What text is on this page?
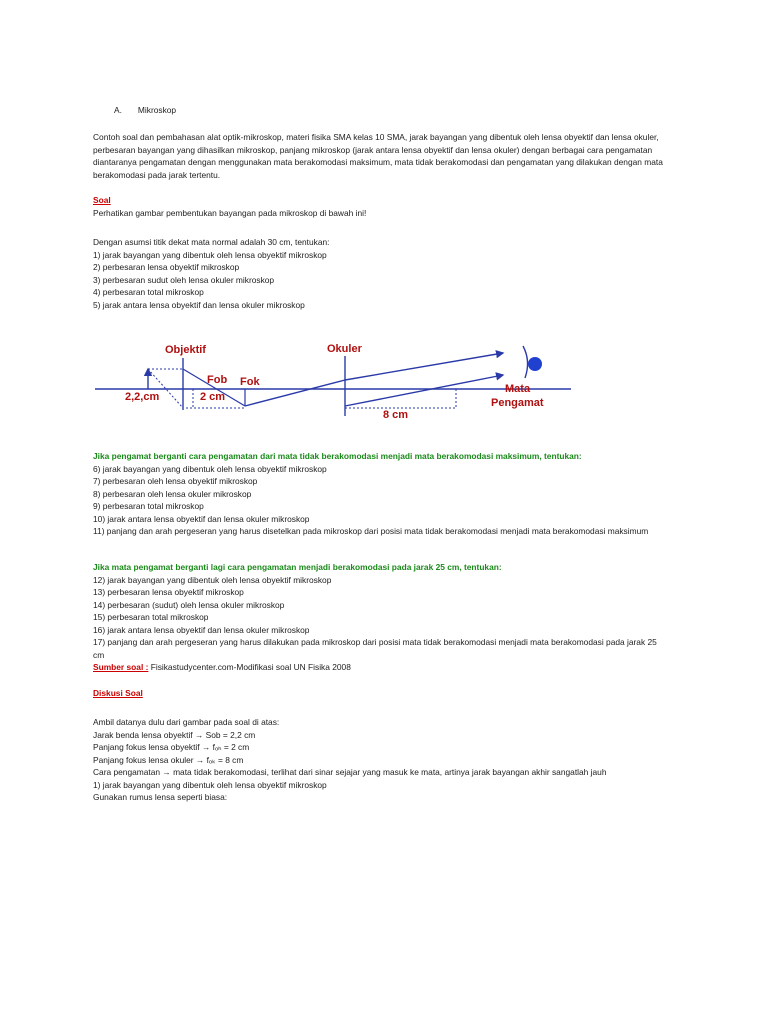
A. Mikroskop

Contoh soal dan pembahasan alat optik-mikroskop, materi fisika SMA kelas 10 SMA, jarak bayangan yang dibentuk oleh lensa obyektif dan lensa okuler, perbesaran bayangan yang dihasilkan mikroskop, panjang mikroskop (jarak antara lensa obyektif dan lensa okuler) dengan berbagai cara pengamatan diantaranya pengamatan dengan menggunakan mata berakomodasi maksimum, mata tidak berakomodasi dan pengamatan yang dilakukan dengan mata berakomodasi pada jarak tertentu.

Soal
Perhatikan gambar pembentukan bayangan pada mikroskop di bawah ini!
Dengan asumsi titik dekat mata normal adalah 30 cm, tentukan:
1) jarak bayangan yang dibentuk oleh lensa obyektif mikroskop
2) perbesaran lensa obyektif mikroskop
3) perbesaran sudut oleh lensa okuler mikroskop
4) perbesaran total mikroskop
5) jarak antara lensa obyektif dan lensa okuler mikroskop
Objektif	Okuler
Fob Fok
2,2,cm	2 cm
8 cm
Mata
Pengamat
Jika pengamat berganti cara pengamatan dari mata tidak berakomodasi menjadi mata berakomodasi maksimum, tentukan:
6) jarak bayangan yang dibentuk oleh lensa obyektif mikroskop
7) perbesaran oleh lensa obyektif mikroskop
8) perbesaran oleh lensa okuler mikroskop
9) perbesaran total mikroskop
10) jarak antara lensa obyektif dan lensa okuler mikroskop
11) panjang dan arah pergeseran yang harus disetelkan pada mikroskop dari posisi mata tidak berakomodasi menjadi mata berakomodasi maksimum
Jika mata pengamat berganti lagi cara pengamatan menjadi berakomodasi pada jarak 25 cm, tentukan:
12) jarak bayangan yang dibentuk oleh lensa obyektif mikroskop
13) perbesaran lensa obyektif mikroskop
14) perbesaran (sudut) oleh lensa okuler mikroskop
15) perbesaran total mikroskop
16) jarak antara lensa obyektif dan lensa okuler mikroskop
17) panjang dan arah pergeseran yang harus dilakukan pada mikroskop dari posisi mata tidak berakomodasi menjadi mata berakomodasi pada jarak 25 cm
Sumber soal : Fisikastudycenter.com-Modifikasi soal UN Fisika 2008
Diskusi Soal
Ambil datanya dulu dari gambar pada soal di atas:
Jarak benda lensa obyektif → Sob = 2,2 cm
Panjang fokus lensa obyektif → fₒₕ = 2 cm
Panjang fokus lensa okuler → fₒₖ = 8 cm
Cara pengamatan → mata tidak berakomodasi, terlihat dari sinar sejajar yang masuk ke mata, artinya jarak bayangan akhir sangatlah jauh
1) jarak bayangan yang dibentuk oleh lensa obyektif mikroskop
Gunakan rumus lensa seperti biasa:
